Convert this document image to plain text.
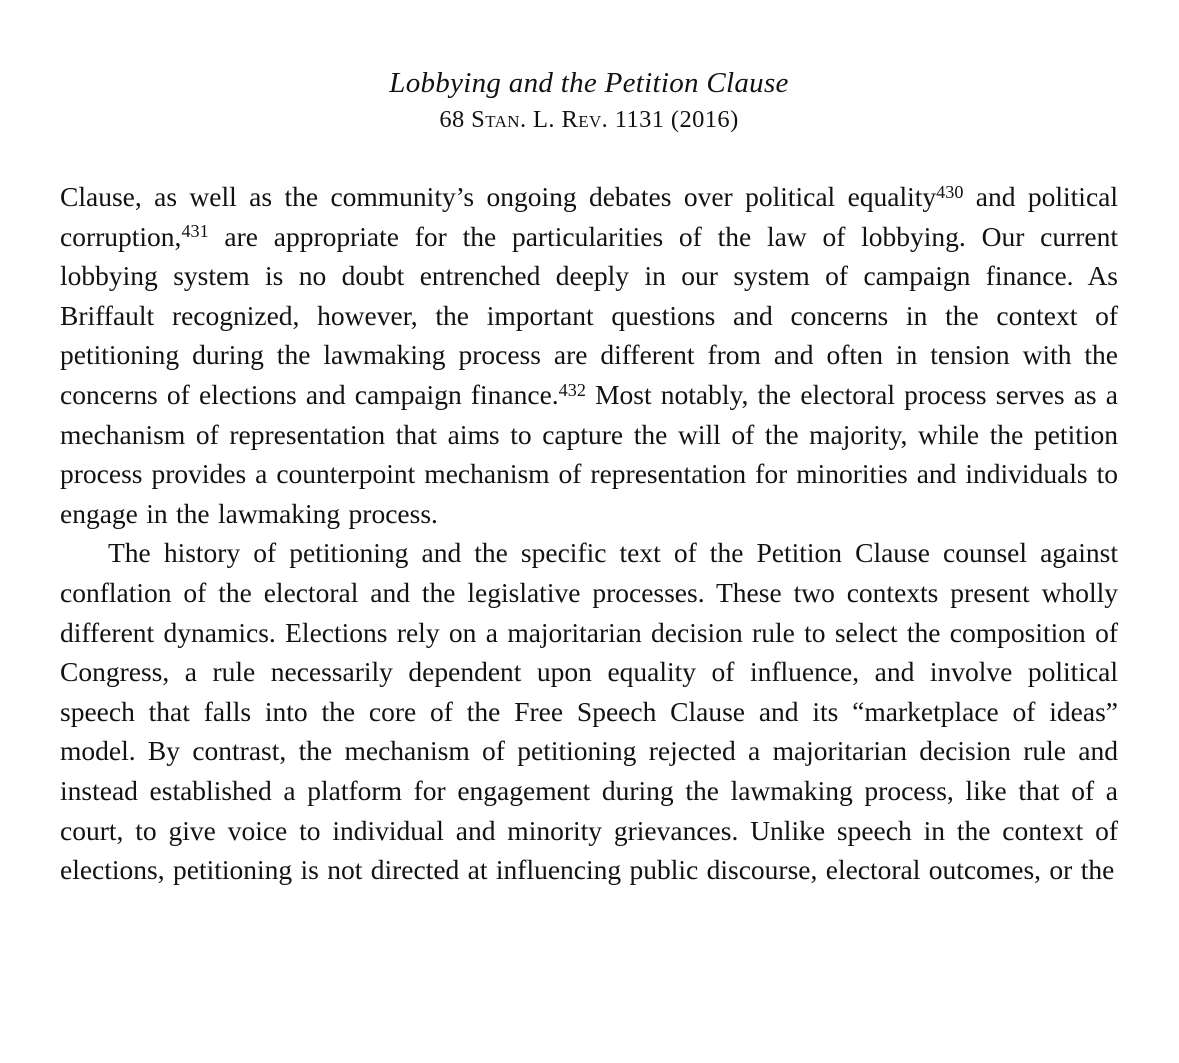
Lobbying and the Petition Clause
68 Stan. L. Rev. 1131 (2016)

Clause, as well as the community’s ongoing debates over political equality$^{430}$ and political corruption,$^{431}$ are appropriate for the particularities of the law of lobbying. Our current lobbying system is no doubt entrenched deeply in our system of campaign finance. As Briffault recognized, however, the important questions and concerns in the context of petitioning during the lawmaking process are different from and often in tension with the concerns of elections and campaign finance.$^{432}$ Most notably, the electoral process serves as a mechanism of representation that aims to capture the will of the majority, while the petition process provides a counterpoint mechanism of representation for minorities and individuals to engage in the lawmaking process.

The history of petitioning and the specific text of the Petition Clause counsel against conflation of the electoral and the legislative processes. These two contexts present wholly different dynamics. Elections rely on a majoritarian decision rule to select the composition of Congress, a rule necessarily dependent upon equality of influence, and involve political speech that falls into the core of the Free Speech Clause and its “marketplace of ideas” model. By contrast, the mechanism of petitioning rejected a majoritarian decision rule and instead established a platform for engagement during the lawmaking process, like that of a court, to give voice to individual and minority grievances. Unlike speech in the context of elections, petitioning is not directed at influencing public discourse, electoral outcomes, or the
